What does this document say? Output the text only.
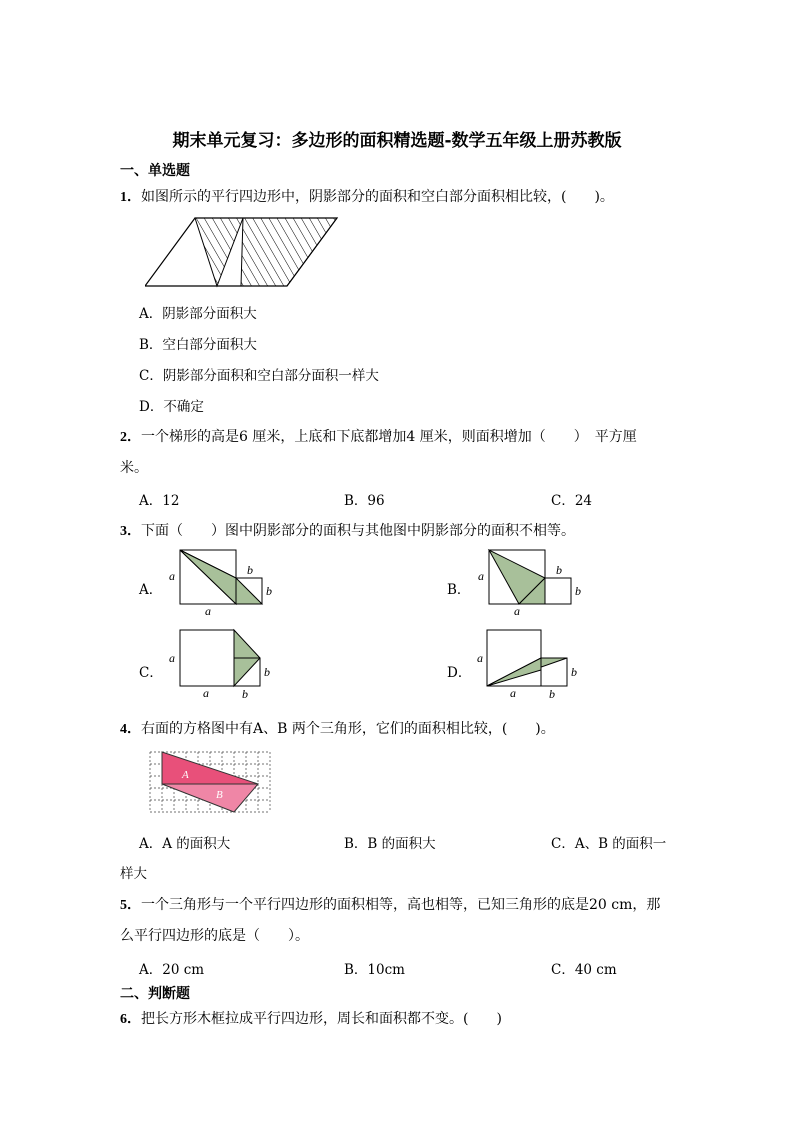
期末单元复习：多边形的面积精选题-数学五年级上册苏教版
一、单选题
1．如图所示的平行四边形中，阴影部分的面积和空白部分面积相比较，(　　)。
A．阴影部分面积大
B．空白部分面积大
C．阴影部分面积和空白部分面积一样大
D．不确定
2．一个梯形的高是6 厘米，上底和下底都增加4 厘米，则面积增加（　　）　平方厘
米。
A．12	B．96	C．24
3．下面（　　）图中阴影部分的面积与其他图中阴影部分的面积不相等。
A．
a
a
b
b	B．
a
a
b
b
C．
a
a	b
b	D．
a
a	b
b
4．右面的方格图中有A、B 两个三角形，它们的面积相比较，(　　)。
A
B
A．A 的面积大	B．B 的面积大	C．A、B 的面积一
样大
5．一个三角形与一个平行四边形的面积相等，高也相等，已知三角形的底是20 cm，那
么平行四边形的底是（　　）。
A．20 cm	B．10cm	C．40 cm
二、判断题
6．把长方形木框拉成平行四边形，周长和面积都不变。(　　)
